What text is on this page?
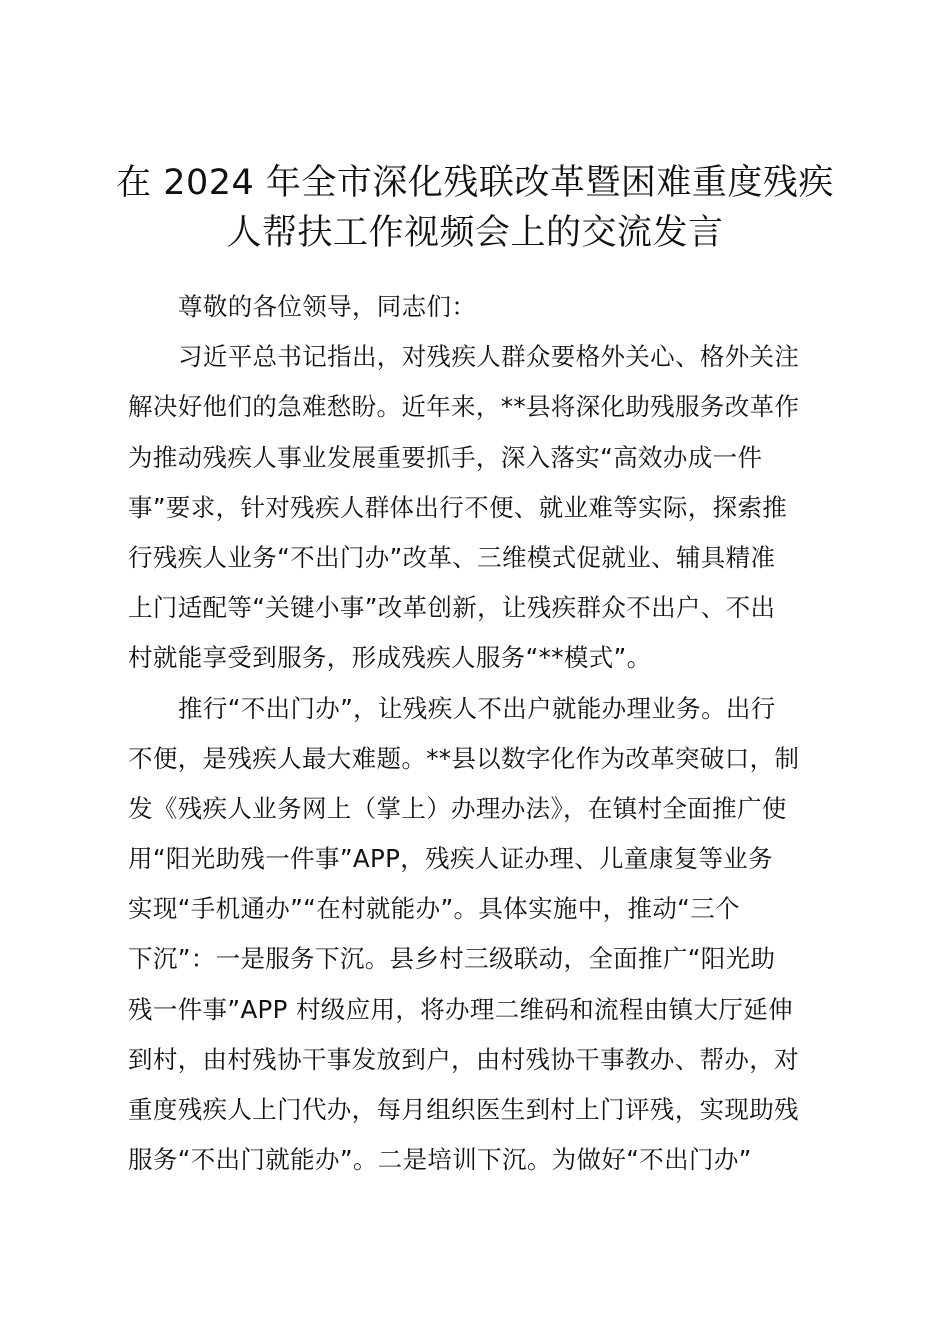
在 2024 年全市深化残联改革暨困难重度残疾
人帮扶工作视频会上的交流发言
尊敬的各位领导，同志们：
习近平总书记指出，对残疾人群众要格外关心、格外关注
解决好他们的急难愁盼。近年来，**县将深化助残服务改革作
为推动残疾人事业发展重要抓手，深入落实“高效办成一件
事”要求，针对残疾人群体出行不便、就业难等实际，探索推
行残疾人业务“不出门办”改革、三维模式促就业、辅具精准
上门适配等“关键小事”改革创新，让残疾群众不出户、不出
村就能享受到服务，形成残疾人服务“**模式”。
推行“不出门办”，让残疾人不出户就能办理业务。出行
不便，是残疾人最大难题。**县以数字化作为改革突破口，制
发《残疾人业务网上（掌上）办理办法》，在镇村全面推广使
用“阳光助残一件事”APP，残疾人证办理、儿童康复等业务
实现“手机通办”“在村就能办”。具体实施中，推动“三个
下沉”：一是服务下沉。县乡村三级联动，全面推广“阳光助
残一件事”APP 村级应用，将办理二维码和流程由镇大厅延伸
到村，由村残协干事发放到户，由村残协干事教办、帮办，对
重度残疾人上门代办，每月组织医生到村上门评残，实现助残
服务“不出门就能办”。二是培训下沉。为做好“不出门办”
